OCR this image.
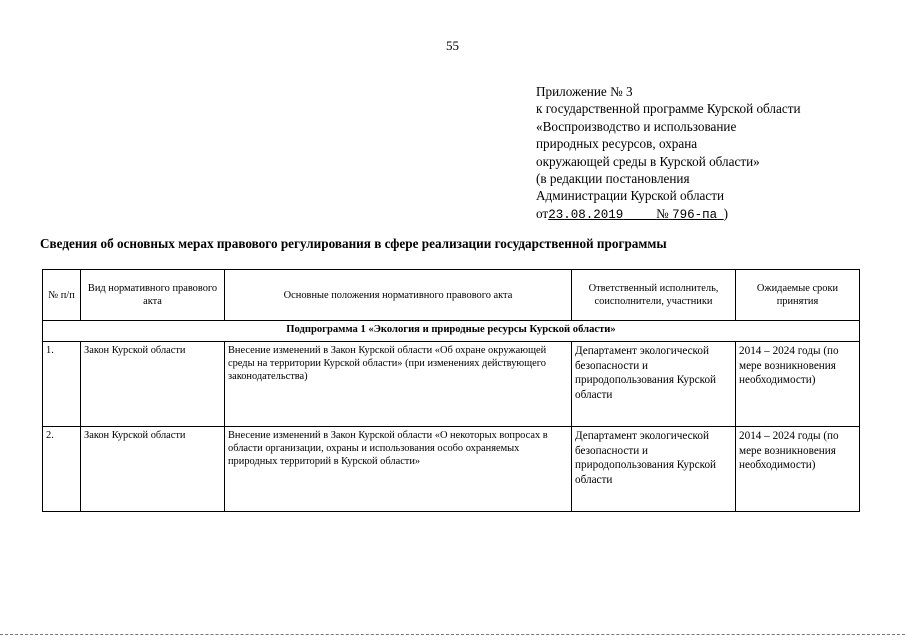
55
Приложение № 3
к государственной программе Курской области
«Воспроизводство и использование
природных ресурсов, охрана
окружающей среды в Курской области»
(в редакции постановления
Администрации Курской области
от23.08.2019 № 796-па )
Сведения об основных мерах правового регулирования в сфере реализации государственной программы
№ п/п	Вид нормативного правового акта	Основные положения нормативного правового акта	Ответственный исполнитель, соисполнители, участники	Ожидаемые сроки принятия
Подпрограмма 1 «Экология и природные ресурсы Курской области»				
1.	Закон Курской области	Внесение изменений в Закон Курской области «Об охране окружающей среды на территории Курской области» (при изменениях действующего законодательства)	Департамент экологической безопасности и природопользования Курской области	2014 – 2024 годы (по мере возникновения необходимости)
2.	Закон Курской области	Внесение изменений в Закон Курской области «О некоторых вопросах в области организации, охраны и использования особо охраняемых природных территорий в Курской области»	Департамент экологической безопасности и природопользования Курской области	2014 – 2024 годы (по мере возникновения необходимости)
